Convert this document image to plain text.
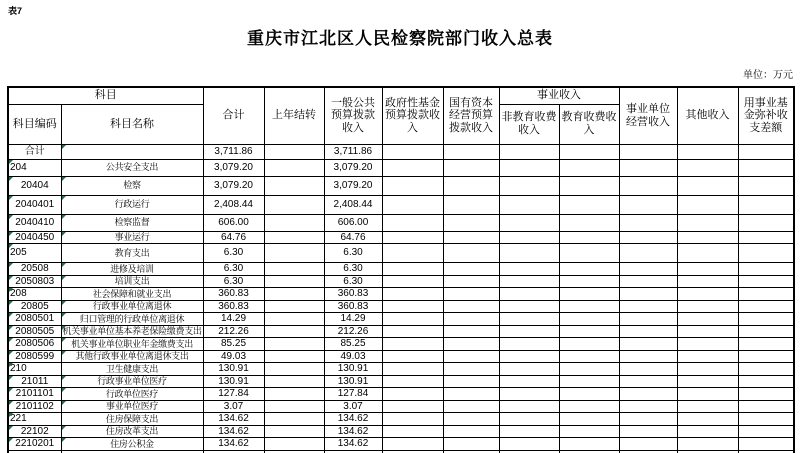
表7
重庆市江北区人民检察院部门收入总表
单位：万元
科目		合计	上年结转	一般公共预算拨款收入	政府性基金预算拨款收入	国有资本经营预算拨款收入	事业收入		事业单位经营收入	其他收入	用事业基金弥补收支差额
科目编码	科目名称						非教育收费收入	教育收费收入			
合计		3,711.86		3,711.86							
204	公共安全支出	3,079.20		3,079.20							
20404	检察	3,079.20		3,079.20							
2040401	行政运行	2,408.44		2,408.44							
2040410	检察监督	606.00		606.00							
2040450	事业运行	64.76		64.76							
205	教育支出	6.30		6.30							
20508	进修及培训	6.30		6.30							
2050803	培训支出	6.30		6.30							
208	社会保障和就业支出	360.83		360.83							
20805	行政事业单位离退休	360.83		360.83							
2080501	归口管理的行政单位离退休	14.29		14.29							
2080505	机关事业单位基本养老保险缴费支出	212.26		212.26							
2080506	机关事业单位职业年金缴费支出	85.25		85.25							
2080599	其他行政事业单位离退休支出	49.03		49.03							
210	卫生健康支出	130.91		130.91							
21011	行政事业单位医疗	130.91		130.91							
2101101	行政单位医疗	127.84		127.84							
2101102	事业单位医疗	3.07		3.07							
221	住房保障支出	134.62		134.62							
22102	住房改革支出	134.62		134.62							
2210201	住房公积金	134.62		134.62							
